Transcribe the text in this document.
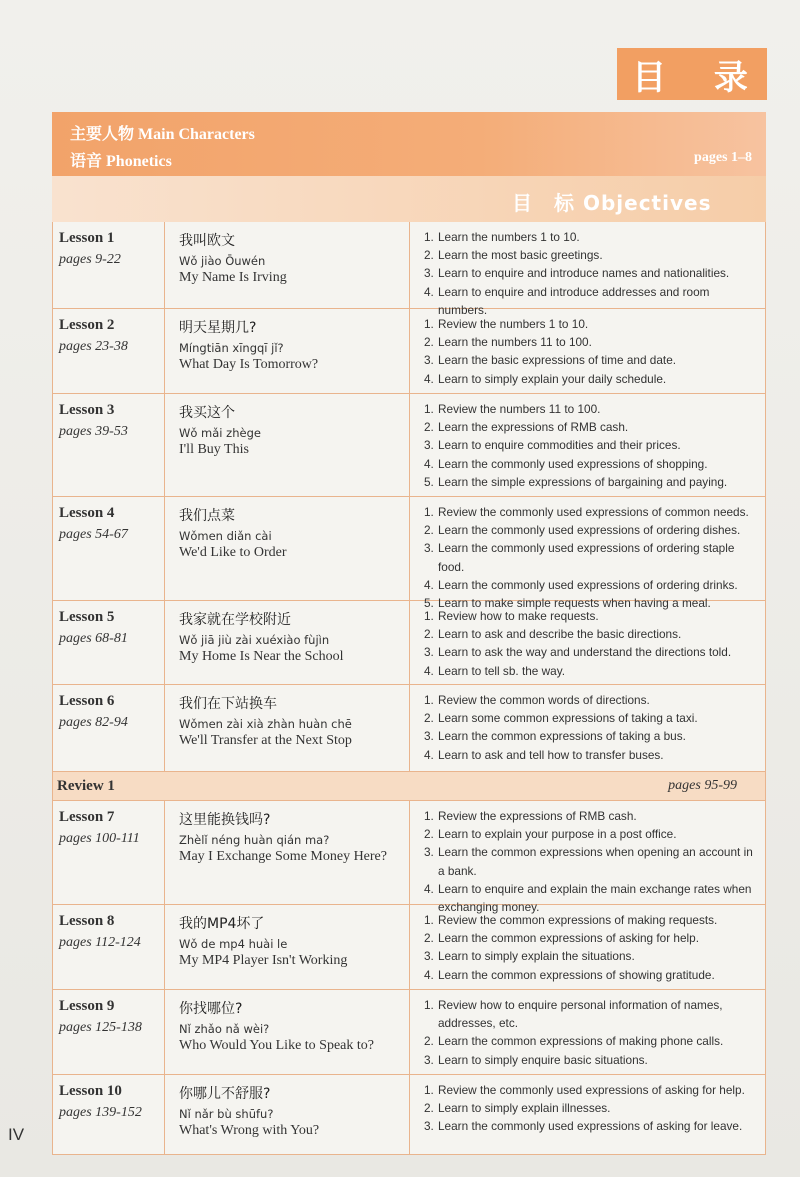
目 录
主要人物 Main Characters
语音 Phonetics	pages 1–8
目　标 Objectives
Lesson 1
pages 9-22
我叫欧文
Wǒ jiào Ōuwén
My Name Is Irving
1. Learn the numbers 1 to 10.
2. Learn the most basic greetings.
3. Learn to enquire and introduce names and nationalities.
4. Learn to enquire and introduce addresses and room numbers.
Lesson 2
pages 23-38
明天星期几?
Míngtiān xīngqī jǐ?
What Day Is Tomorrow?
1. Review the numbers 1 to 10.
2. Learn the numbers 11 to 100.
3. Learn the basic expressions of time and date.
4. Learn to simply explain your daily schedule.
Lesson 3
pages 39-53
我买这个
Wǒ mǎi zhège
I'll Buy This
1. Review the numbers 11 to 100.
2. Learn the expressions of RMB cash.
3. Learn to enquire commodities and their prices.
4. Learn the commonly used expressions of shopping.
5. Learn the simple expressions of bargaining and paying.
Lesson 4
pages 54-67
我们点菜
Wǒmen diǎn cài
We'd Like to Order
1. Review the commonly used expressions of common needs.
2. Learn the commonly used expressions of ordering dishes.
3. Learn the commonly used expressions of ordering staple food.
4. Learn the commonly used expressions of ordering drinks.
5. Learn to make simple requests when having a meal.
Lesson 5
pages 68-81
我家就在学校附近
Wǒ jiā jiù zài xuéxiào fùjìn
My Home Is Near the School
1. Review how to make requests.
2. Learn to ask and describe the basic directions.
3. Learn to ask the way and understand the directions told.
4. Learn to tell sb. the way.
Lesson 6
pages 82-94
我们在下站换车
Wǒmen zài xià zhàn huàn chē
We'll Transfer at the Next Stop
1. Review the common words of directions.
2. Learn some common expressions of taking a taxi.
3. Learn the common expressions of taking a bus.
4. Learn to ask and tell how to transfer buses.
Review 1	pages 95-99
Lesson 7
pages 100-111
这里能换钱吗?
Zhèlǐ néng huàn qián ma?
May I Exchange Some Money Here?
1. Review the expressions of RMB cash.
2. Learn to explain your purpose in a post office.
3. Learn the common expressions when opening an account in a bank.
4. Learn to enquire and explain the main exchange rates when exchanging money.
Lesson 8
pages 112-124
我的MP4坏了
Wǒ de mp4 huài le
My MP4 Player Isn't Working
1. Review the common expressions of making requests.
2. Learn the common expressions of asking for help.
3. Learn to simply explain the situations.
4. Learn the common expressions of showing gratitude.
Lesson 9
pages 125-138
你找哪位?
Nǐ zhǎo nǎ wèi?
Who Would You Like to Speak to?
1. Review how to enquire personal information of names, addresses, etc.
2. Learn the common expressions of making phone calls.
3. Learn to simply enquire basic situations.
Lesson 10
pages 139-152
你哪儿不舒服?
Nǐ nǎr bù shūfu?
What's Wrong with You?
1. Review the commonly used expressions of asking for help.
2. Learn to simply explain illnesses.
3. Learn the commonly used expressions of asking for leave.
IV
